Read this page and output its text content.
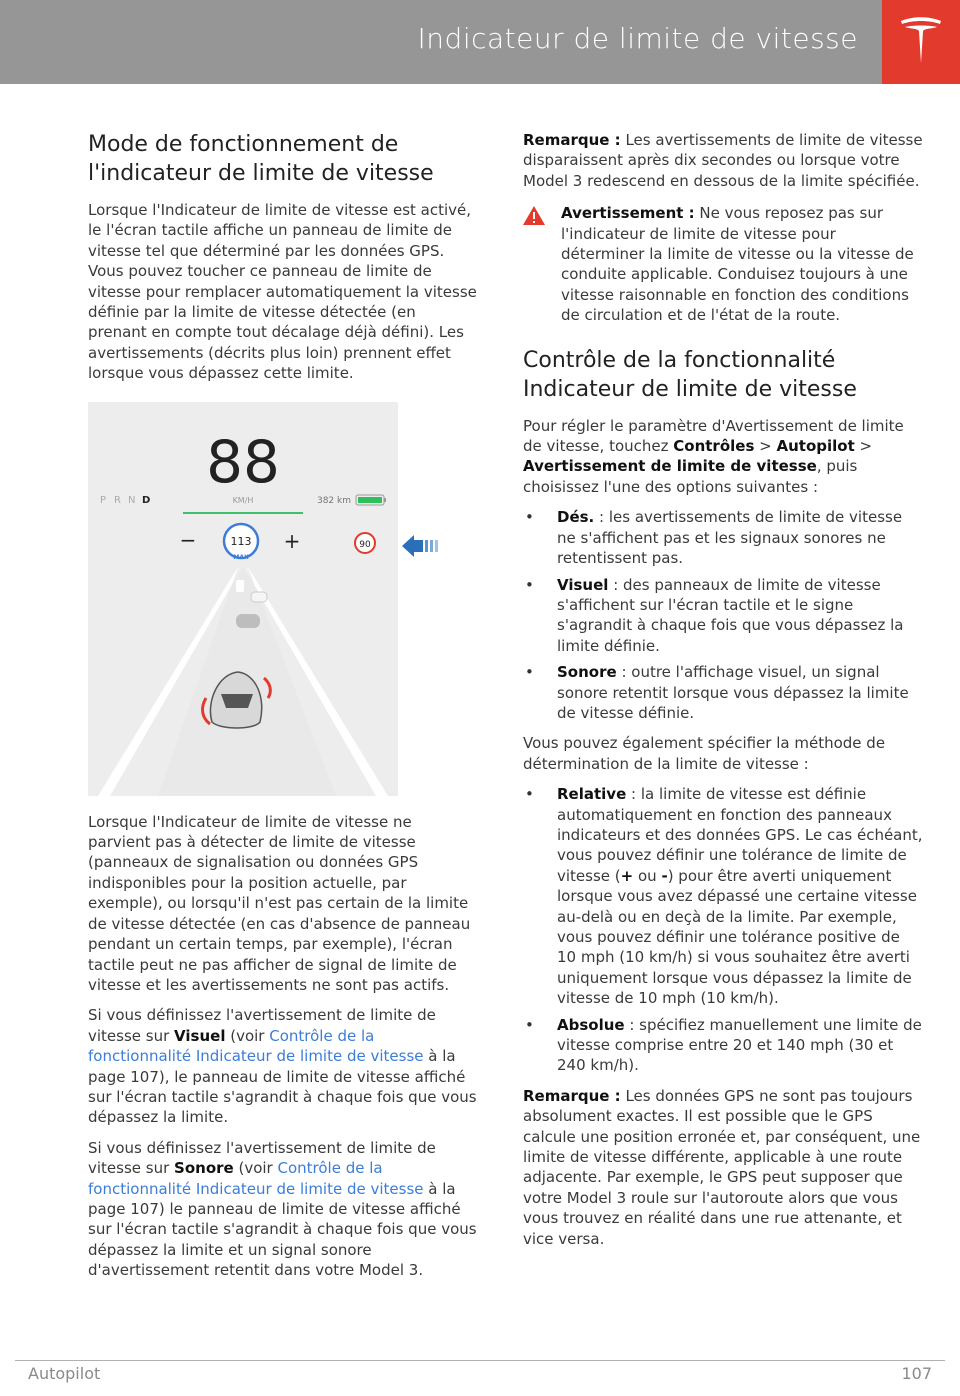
Indicateur de limite de vitesse
Mode de fonctionnement de l'indicateur de limite de vitesse

Lorsque l'Indicateur de limite de vitesse est activé, le l'écran tactile affiche un panneau de limite de vitesse tel que déterminé par les données GPS. Vous pouvez toucher ce panneau de limite de vitesse pour remplacer automatiquement la vitesse définie par la limite de vitesse détectée (en prenant en compte tout décalage déjà défini). Les avertissements (décrits plus loin) prennent effet lorsque vous dépassez cette limite.

88
P R N D	KM/H	382 km
−	113
MAX
+	90

Lorsque l'Indicateur de limite de vitesse ne parvient pas à détecter de limite de vitesse (panneaux de signalisation ou données GPS indisponibles pour la position actuelle, par exemple), ou lorsqu'il n'est pas certain de la limite de vitesse détectée (en cas d'absence de panneau pendant un certain temps, par exemple), l'écran tactile peut ne pas afficher de signal de limite de vitesse et les avertissements ne sont pas actifs.

Si vous définissez l'avertissement de limite de vitesse sur Visuel (voir Contrôle de la fonctionnalité Indicateur de limite de vitesse à la page 107), le panneau de limite de vitesse affiché sur l'écran tactile s'agrandit à chaque fois que vous dépassez la limite.

Si vous définissez l'avertissement de limite de vitesse sur Sonore (voir Contrôle de la fonctionnalité Indicateur de limite de vitesse à la page 107) le panneau de limite de vitesse affiché sur l'écran tactile s'agrandit à chaque fois que vous dépassez la limite et un signal sonore d'avertissement retentit dans votre Model 3.

Remarque : Les avertissements de limite de vitesse disparaissent après dix secondes ou lorsque votre Model 3 redescend en dessous de la limite spécifiée.

Avertissement : Ne vous reposez pas sur l'indicateur de limite de vitesse pour déterminer la limite de vitesse ou la vitesse de conduite applicable. Conduisez toujours à une vitesse raisonnable en fonction des conditions de circulation et de l'état de la route.
Contrôle de la fonctionnalité Indicateur de limite de vitesse

Pour régler le paramètre d'Avertissement de limite de vitesse, touchez Contrôles > Autopilot > Avertissement de limite de vitesse, puis choisissez l'une des options suivantes :

• Dés. : les avertissements de limite de vitesse ne s'affichent pas et les signaux sonores ne retentissent pas.
• Visuel : des panneaux de limite de vitesse s'affichent sur l'écran tactile et le signe s'agrandit à chaque fois que vous dépassez la limite définie.
• Sonore : outre l'affichage visuel, un signal sonore retentit lorsque vous dépassez la limite de vitesse définie.

Vous pouvez également spécifier la méthode de détermination de la limite de vitesse :

• Relative : la limite de vitesse est définie automatiquement en fonction des panneaux indicateurs et des données GPS. Le cas échéant, vous pouvez définir une tolérance de limite de vitesse (+ ou -) pour être averti uniquement lorsque vous avez dépassé une certaine vitesse au-delà ou en deçà de la limite. Par exemple, vous pouvez définir une tolérance positive de 10 mph (10 km/h) si vous souhaitez être averti uniquement lorsque vous dépassez la limite de vitesse de 10 mph (10 km/h).
• Absolue : spécifiez manuellement une limite de vitesse comprise entre 20 et 140 mph (30 et 240 km/h).

Remarque : Les données GPS ne sont pas toujours absolument exactes. Il est possible que le GPS calcule une position erronée et, par conséquent, une limite de vitesse différente, applicable à une route adjacente. Par exemple, le GPS peut supposer que votre Model 3 roule sur l'autoroute alors que vous vous trouvez en réalité dans une rue attenante, et vice versa.

Autopilot	107
